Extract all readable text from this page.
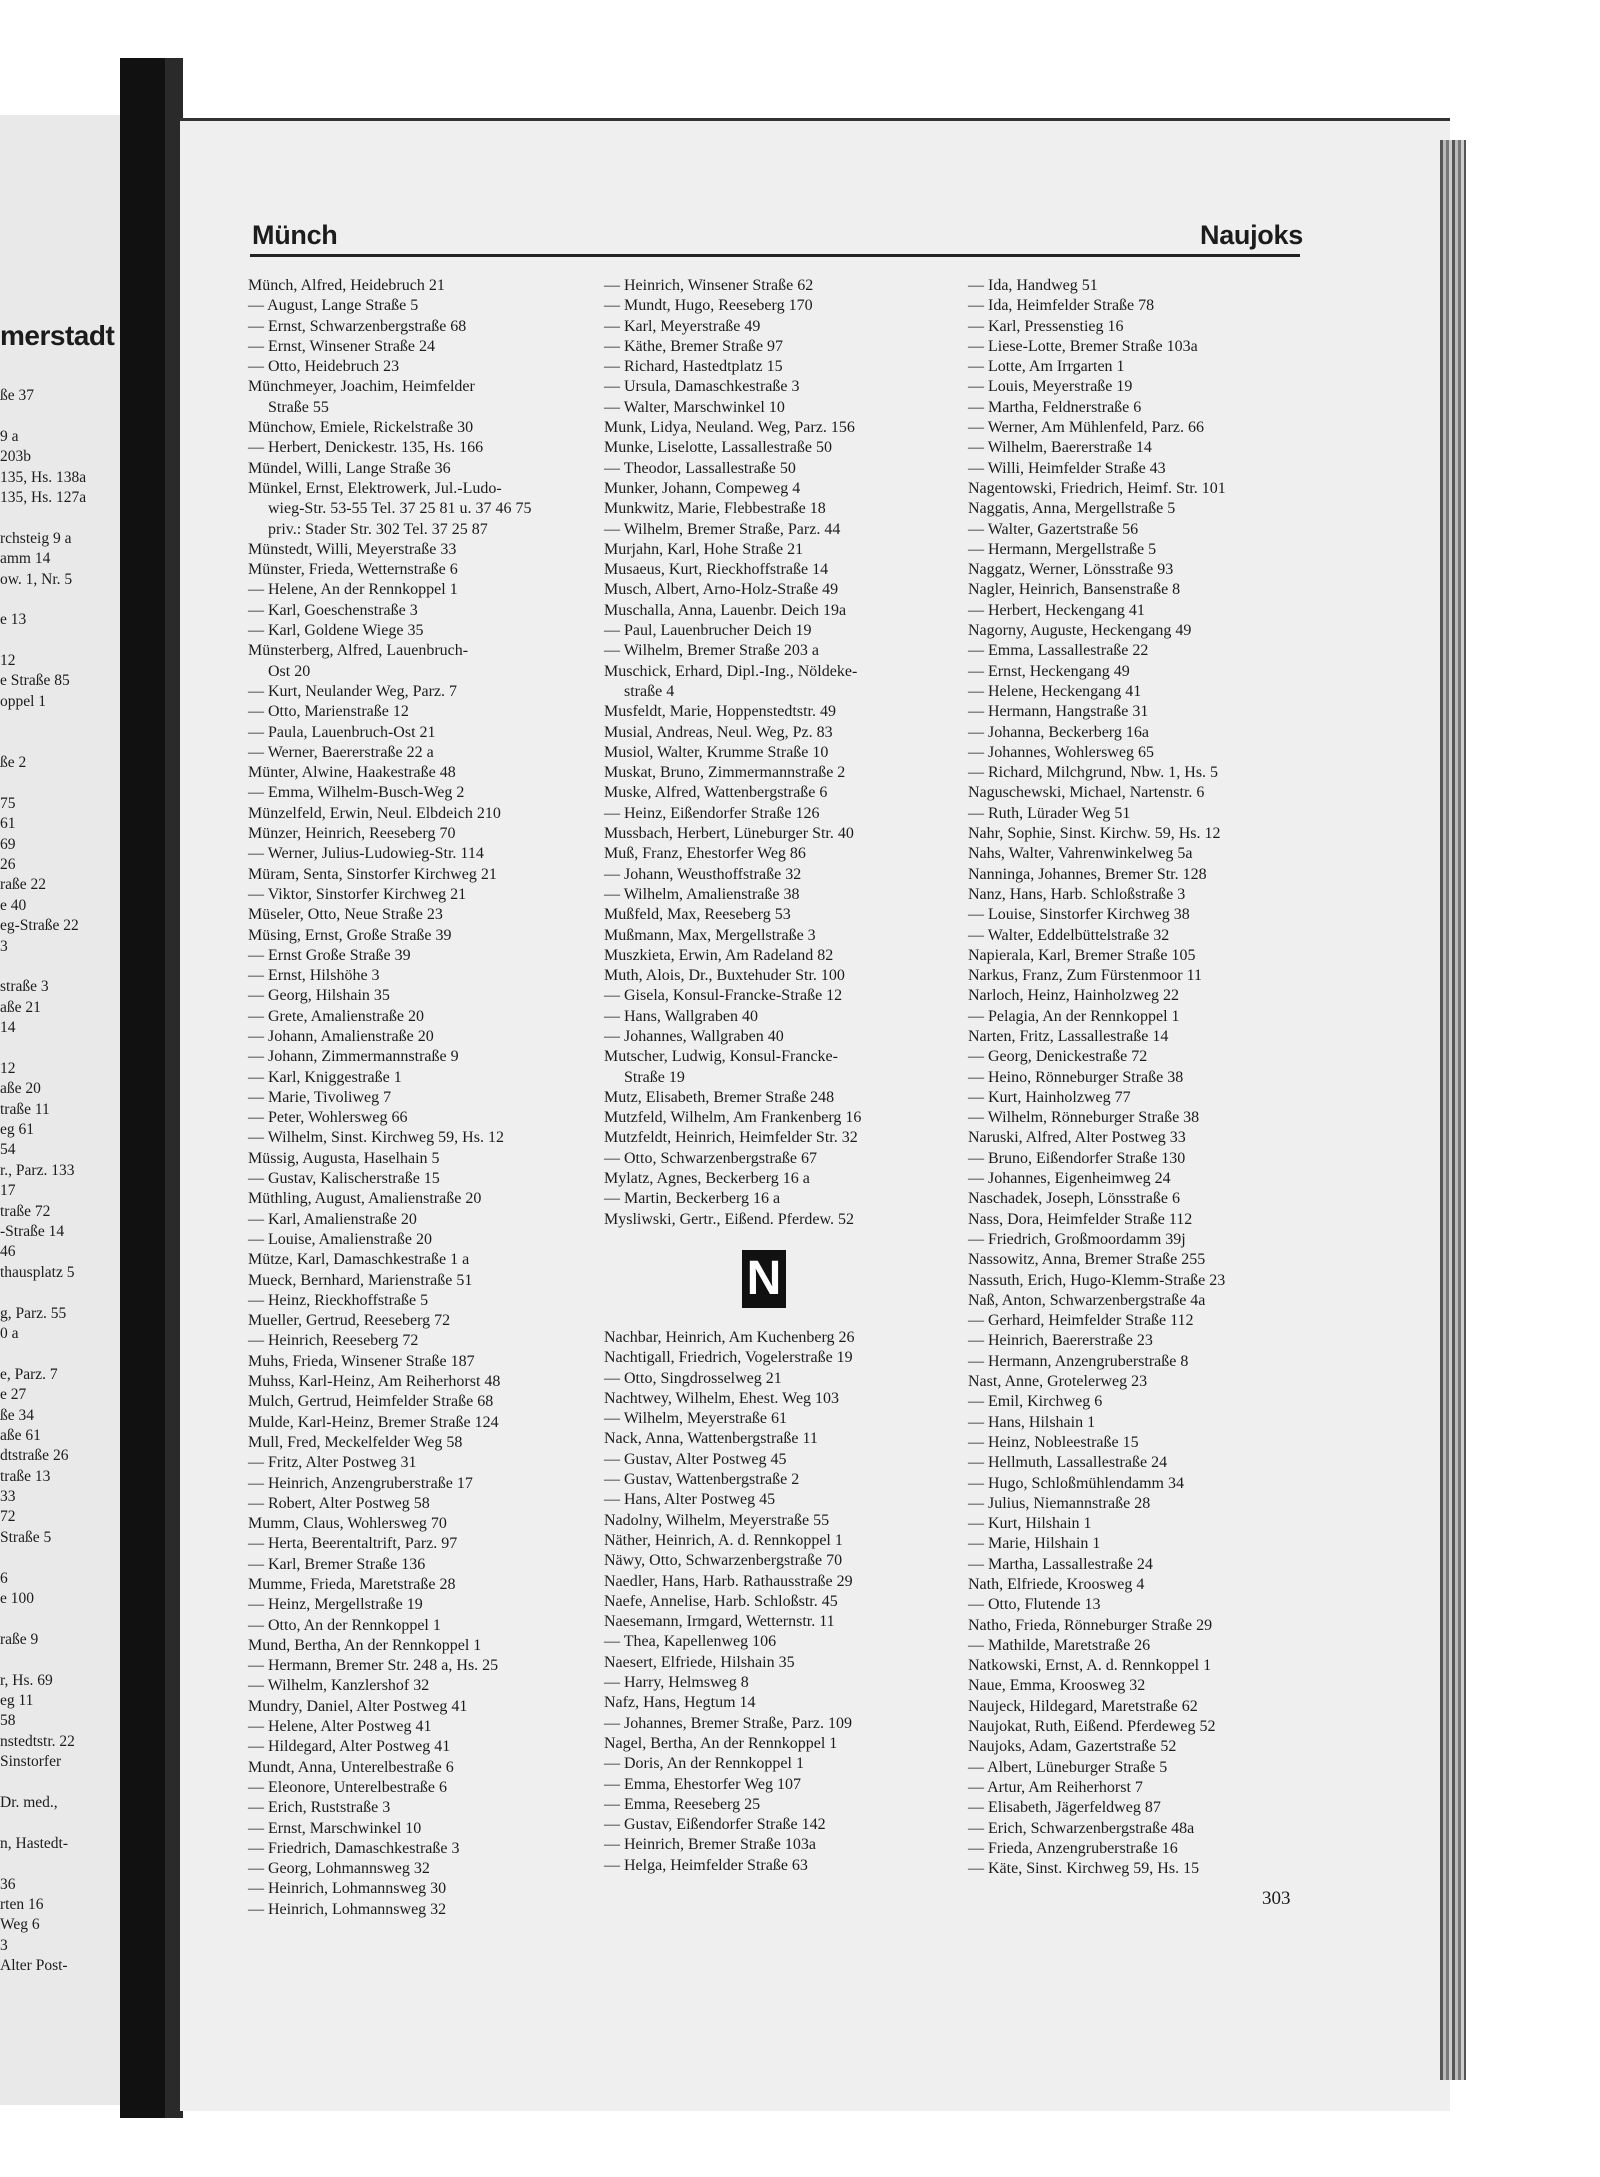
merstadt
ße 37
9 a
203b
135, Hs. 138a
135, Hs. 127a
rchsteig 9 a
amm 14
ow. 1, Nr. 5
e 13
12
e Straße 85
oppel 1
ße 2
75
61
69
26
raße 22
e 40
eg-Straße 22
3
straße 3
aße 21
14
12
aße 20
traße 11
eg 61
54
r., Parz. 133
17
traße 72
-Straße 14
46
thausplatz 5
g, Parz. 55
0 a
e, Parz. 7
e 27
ße 34
aße 61
dtstraße 26
traße 13
33
72
Straße 5
6
e 100
raße 9
r, Hs. 69
eg 11
58
nstedtstr. 22
Sinstorfer
Dr. med.,
n, Hastedt-
36
rten 16
Weg 6
3
Alter Post-
Münch	Naujoks
Münch, Alfred, Heidebruch 21
— August, Lange Straße 5
— Ernst, Schwarzenbergstraße 68
— Ernst, Winsener Straße 24
— Otto, Heidebruch 23
Münchmeyer, Joachim, Heimfelder
Straße 55
Münchow, Emiele, Rickelstraße 30
— Herbert, Denickestr. 135, Hs. 166
Mündel, Willi, Lange Straße 36
Münkel, Ernst, Elektrowerk, Jul.-Ludo-
wieg-Str. 53-55 Tel. 37 25 81 u. 37 46 75
priv.: Stader Str. 302 Tel. 37 25 87
Münstedt, Willi, Meyerstraße 33
Münster, Frieda, Wetternstraße 6
— Helene, An der Rennkoppel 1
— Karl, Goeschenstraße 3
— Karl, Goldene Wiege 35
Münsterberg, Alfred, Lauenbruch-
Ost 20
— Kurt, Neulander Weg, Parz. 7
— Otto, Marienstraße 12
— Paula, Lauenbruch-Ost 21
— Werner, Baererstraße 22 a
Münter, Alwine, Haakestraße 48
— Emma, Wilhelm-Busch-Weg 2
Münzelfeld, Erwin, Neul. Elbdeich 210
Münzer, Heinrich, Reeseberg 70
— Werner, Julius-Ludowieg-Str. 114
Müram, Senta, Sinstorfer Kirchweg 21
— Viktor, Sinstorfer Kirchweg 21
Müseler, Otto, Neue Straße 23
Müsing, Ernst, Große Straße 39
— Ernst Große Straße 39
— Ernst, Hilshöhe 3
— Georg, Hilshain 35
— Grete, Amalienstraße 20
— Johann, Amalienstraße 20
— Johann, Zimmermannstraße 9
— Karl, Kniggestraße 1
— Marie, Tivoliweg 7
— Peter, Wohlersweg 66
— Wilhelm, Sinst. Kirchweg 59, Hs. 12
Müssig, Augusta, Haselhain 5
— Gustav, Kalischerstraße 15
Müthling, August, Amalienstraße 20
— Karl, Amalienstraße 20
— Louise, Amalienstraße 20
Mütze, Karl, Damaschkestraße 1 a
Mueck, Bernhard, Marienstraße 51
— Heinz, Rieckhoffstraße 5
Mueller, Gertrud, Reeseberg 72
— Heinrich, Reeseberg 72
Muhs, Frieda, Winsener Straße 187
Muhss, Karl-Heinz, Am Reiherhorst 48
Mulch, Gertrud, Heimfelder Straße 68
Mulde, Karl-Heinz, Bremer Straße 124
Mull, Fred, Meckelfelder Weg 58
— Fritz, Alter Postweg 31
— Heinrich, Anzengruberstraße 17
— Robert, Alter Postweg 58
Mumm, Claus, Wohlersweg 70
— Herta, Beerentaltrift, Parz. 97
— Karl, Bremer Straße 136
Mumme, Frieda, Maretstraße 28
— Heinz, Mergellstraße 19
— Otto, An der Rennkoppel 1
Mund, Bertha, An der Rennkoppel 1
— Hermann, Bremer Str. 248 a, Hs. 25
— Wilhelm, Kanzlershof 32
Mundry, Daniel, Alter Postweg 41
— Helene, Alter Postweg 41
— Hildegard, Alter Postweg 41
Mundt, Anna, Unterelbestraße 6
— Eleonore, Unterelbestraße 6
— Erich, Ruststraße 3
— Ernst, Marschwinkel 10
— Friedrich, Damaschkestraße 3
— Georg, Lohmannsweg 32
— Heinrich, Lohmannsweg 30
— Heinrich, Lohmannsweg 32
— Heinrich, Winsener Straße 62
— Mundt, Hugo, Reeseberg 170
— Karl, Meyerstraße 49
— Käthe, Bremer Straße 97
— Richard, Hastedtplatz 15
— Ursula, Damaschkestraße 3
— Walter, Marschwinkel 10
Munk, Lidya, Neuland. Weg, Parz. 156
Munke, Liselotte, Lassallestraße 50
— Theodor, Lassallestraße 50
Munker, Johann, Compeweg 4
Munkwitz, Marie, Flebbestraße 18
— Wilhelm, Bremer Straße, Parz. 44
Murjahn, Karl, Hohe Straße 21
Musaeus, Kurt, Rieckhoffstraße 14
Musch, Albert, Arno-Holz-Straße 49
Muschalla, Anna, Lauenbr. Deich 19a
— Paul, Lauenbrucher Deich 19
— Wilhelm, Bremer Straße 203 a
Muschick, Erhard, Dipl.-Ing., Nöldeke-
straße 4
Musfeldt, Marie, Hoppenstedtstr. 49
Musial, Andreas, Neul. Weg, Pz. 83
Musiol, Walter, Krumme Straße 10
Muskat, Bruno, Zimmermannstraße 2
Muske, Alfred, Wattenbergstraße 6
— Heinz, Eißendorfer Straße 126
Mussbach, Herbert, Lüneburger Str. 40
Muß, Franz, Ehestorfer Weg 86
— Johann, Weusthoffstraße 32
— Wilhelm, Amalienstraße 38
Mußfeld, Max, Reeseberg 53
Mußmann, Max, Mergellstraße 3
Muszkieta, Erwin, Am Radeland 82
Muth, Alois, Dr., Buxtehuder Str. 100
— Gisela, Konsul-Francke-Straße 12
— Hans, Wallgraben 40
— Johannes, Wallgraben 40
Mutscher, Ludwig, Konsul-Francke-
Straße 19
Mutz, Elisabeth, Bremer Straße 248
Mutzfeld, Wilhelm, Am Frankenberg 16
Mutzfeldt, Heinrich, Heimfelder Str. 32
— Otto, Schwarzenbergstraße 67
Mylatz, Agnes, Beckerberg 16 a
— Martin, Beckerberg 16 a
Mysliwski, Gertr., Eißend. Pferdew. 52
Nachbar, Heinrich, Am Kuchenberg 26
Nachtigall, Friedrich, Vogelerstraße 19
— Otto, Singdrosselweg 21
Nachtwey, Wilhelm, Ehest. Weg 103
— Wilhelm, Meyerstraße 61
Nack, Anna, Wattenbergstraße 11
— Gustav, Alter Postweg 45
— Gustav, Wattenbergstraße 2
— Hans, Alter Postweg 45
Nadolny, Wilhelm, Meyerstraße 55
Näther, Heinrich, A. d. Rennkoppel 1
Näwy, Otto, Schwarzenbergstraße 70
Naedler, Hans, Harb. Rathausstraße 29
Naefe, Annelise, Harb. Schloßstr. 45
Naesemann, Irmgard, Wetternstr. 11
— Thea, Kapellenweg 106
Naesert, Elfriede, Hilshain 35
— Harry, Helmsweg 8
Nafz, Hans, Hegtum 14
— Johannes, Bremer Straße, Parz. 109
Nagel, Bertha, An der Rennkoppel 1
— Doris, An der Rennkoppel 1
— Emma, Ehestorfer Weg 107
— Emma, Reeseberg 25
— Gustav, Eißendorfer Straße 142
— Heinrich, Bremer Straße 103a
— Helga, Heimfelder Straße 63
— Ida, Handweg 51
— Ida, Heimfelder Straße 78
— Karl, Pressenstieg 16
— Liese-Lotte, Bremer Straße 103a
— Lotte, Am Irrgarten 1
— Louis, Meyerstraße 19
— Martha, Feldnerstraße 6
— Werner, Am Mühlenfeld, Parz. 66
— Wilhelm, Baererstraße 14
— Willi, Heimfelder Straße 43
Nagentowski, Friedrich, Heimf. Str. 101
Naggatis, Anna, Mergellstraße 5
— Walter, Gazertstraße 56
— Hermann, Mergellstraße 5
Naggatz, Werner, Lönsstraße 93
Nagler, Heinrich, Bansenstraße 8
— Herbert, Heckengang 41
Nagorny, Auguste, Heckengang 49
— Emma, Lassallestraße 22
— Ernst, Heckengang 49
— Helene, Heckengang 41
— Hermann, Hangstraße 31
— Johanna, Beckerberg 16a
— Johannes, Wohlersweg 65
— Richard, Milchgrund, Nbw. 1, Hs. 5
Naguschewski, Michael, Nartenstr. 6
— Ruth, Lürader Weg 51
Nahr, Sophie, Sinst. Kirchw. 59, Hs. 12
Nahs, Walter, Vahrenwinkelweg 5a
Nanninga, Johannes, Bremer Str. 128
Nanz, Hans, Harb. Schloßstraße 3
— Louise, Sinstorfer Kirchweg 38
— Walter, Eddelbüttelstraße 32
Napierala, Karl, Bremer Straße 105
Narkus, Franz, Zum Fürstenmoor 11
Narloch, Heinz, Hainholzweg 22
— Pelagia, An der Rennkoppel 1
Narten, Fritz, Lassallestraße 14
— Georg, Denickestraße 72
— Heino, Rönneburger Straße 38
— Kurt, Hainholzweg 77
— Wilhelm, Rönneburger Straße 38
Naruski, Alfred, Alter Postweg 33
— Bruno, Eißendorfer Straße 130
— Johannes, Eigenheimweg 24
Naschadek, Joseph, Lönsstraße 6
Nass, Dora, Heimfelder Straße 112
— Friedrich, Großmoordamm 39j
Nassowitz, Anna, Bremer Straße 255
Nassuth, Erich, Hugo-Klemm-Straße 23
Naß, Anton, Schwarzenbergstraße 4a
— Gerhard, Heimfelder Straße 112
— Heinrich, Baererstraße 23
— Hermann, Anzengruberstraße 8
Nast, Anne, Grotelerweg 23
— Emil, Kirchweg 6
— Hans, Hilshain 1
— Heinz, Nobleestraße 15
— Hellmuth, Lassallestraße 24
— Hugo, Schloßmühlendamm 34
— Julius, Niemannstraße 28
— Kurt, Hilshain 1
— Marie, Hilshain 1
— Martha, Lassallestraße 24
Nath, Elfriede, Kroosweg 4
— Otto, Flutende 13
Natho, Frieda, Rönneburger Straße 29
— Mathilde, Maretstraße 26
Natkowski, Ernst, A. d. Rennkoppel 1
Naue, Emma, Kroosweg 32
Naujeck, Hildegard, Maretstraße 62
Naujokat, Ruth, Eißend. Pferdeweg 52
Naujoks, Adam, Gazertstraße 52
— Albert, Lüneburger Straße 5
— Artur, Am Reiherhorst 7
— Elisabeth, Jägerfeldweg 87
— Erich, Schwarzenbergstraße 48a
— Frieda, Anzengruberstraße 16
— Käte, Sinst. Kirchweg 59, Hs. 15
N
303
